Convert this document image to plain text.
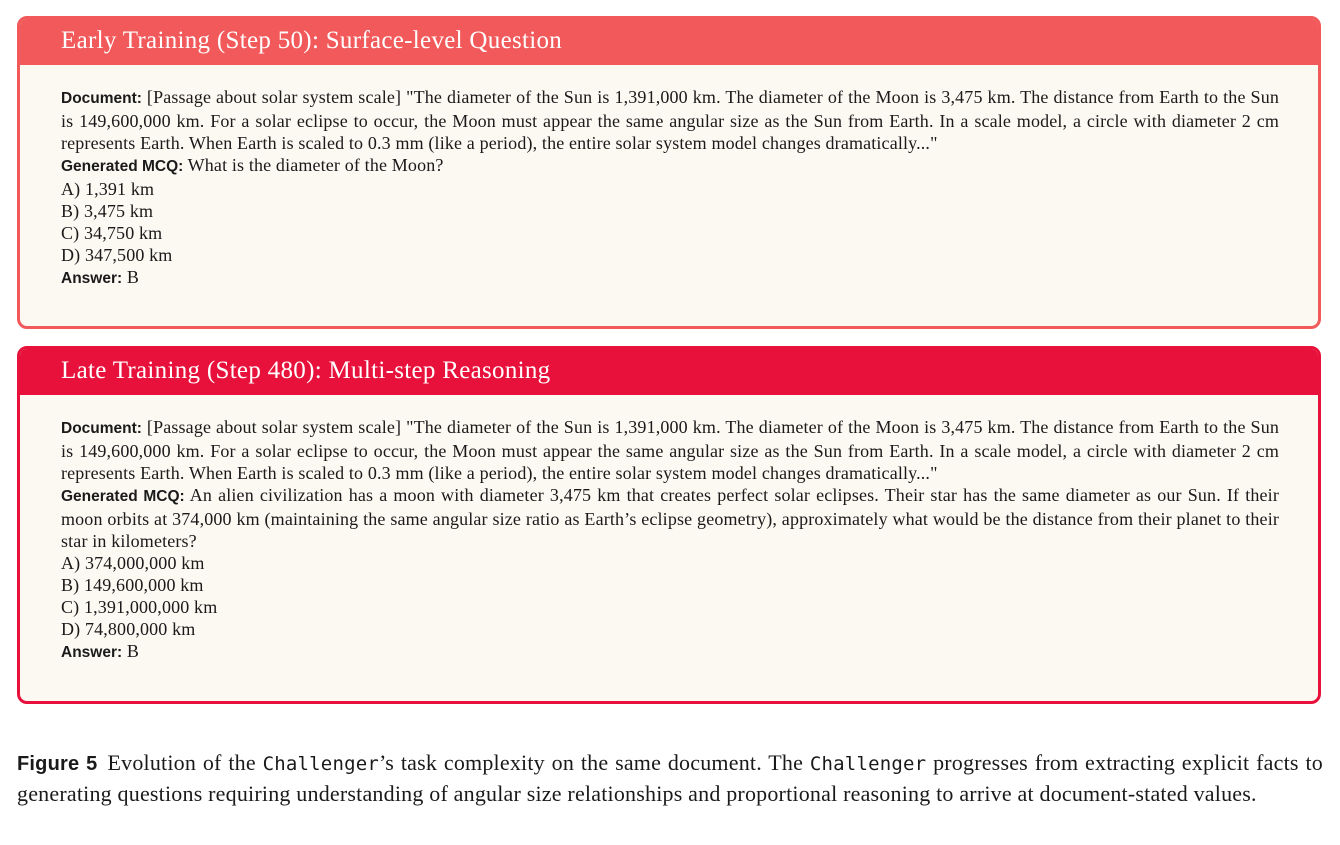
Early Training (Step 50): Surface-level Question
Document: [Passage about solar system scale] "The diameter of the Sun is 1,391,000 km. The diameter of the Moon is 3,475 km. The distance from Earth to the Sun is 149,600,000 km. For a solar eclipse to occur, the Moon must appear the same angular size as the Sun from Earth. In a scale model, a circle with diameter 2 cm represents Earth. When Earth is scaled to 0.3 mm (like a period), the entire solar system model changes dramatically..."
Generated MCQ: What is the diameter of the Moon?
A) 1,391 km
B) 3,475 km
C) 34,750 km
D) 347,500 km
Answer: B
Late Training (Step 480): Multi-step Reasoning
Document: [Passage about solar system scale] "The diameter of the Sun is 1,391,000 km. The diameter of the Moon is 3,475 km. The distance from Earth to the Sun is 149,600,000 km. For a solar eclipse to occur, the Moon must appear the same angular size as the Sun from Earth. In a scale model, a circle with diameter 2 cm represents Earth. When Earth is scaled to 0.3 mm (like a period), the entire solar system model changes dramatically..."
Generated MCQ: An alien civilization has a moon with diameter 3,475 km that creates perfect solar eclipses. Their star has the same diameter as our Sun. If their moon orbits at 374,000 km (maintaining the same angular size ratio as Earth’s eclipse geometry), approximately what would be the distance from their planet to their star in kilometers?
A) 374,000,000 km
B) 149,600,000 km
C) 1,391,000,000 km
D) 74,800,000 km
Answer: B
Figure 5 Evolution of the Challenger’s task complexity on the same document. The Challenger progresses from extracting explicit facts to generating questions requiring understanding of angular size relationships and proportional reasoning to arrive at document-stated values.
